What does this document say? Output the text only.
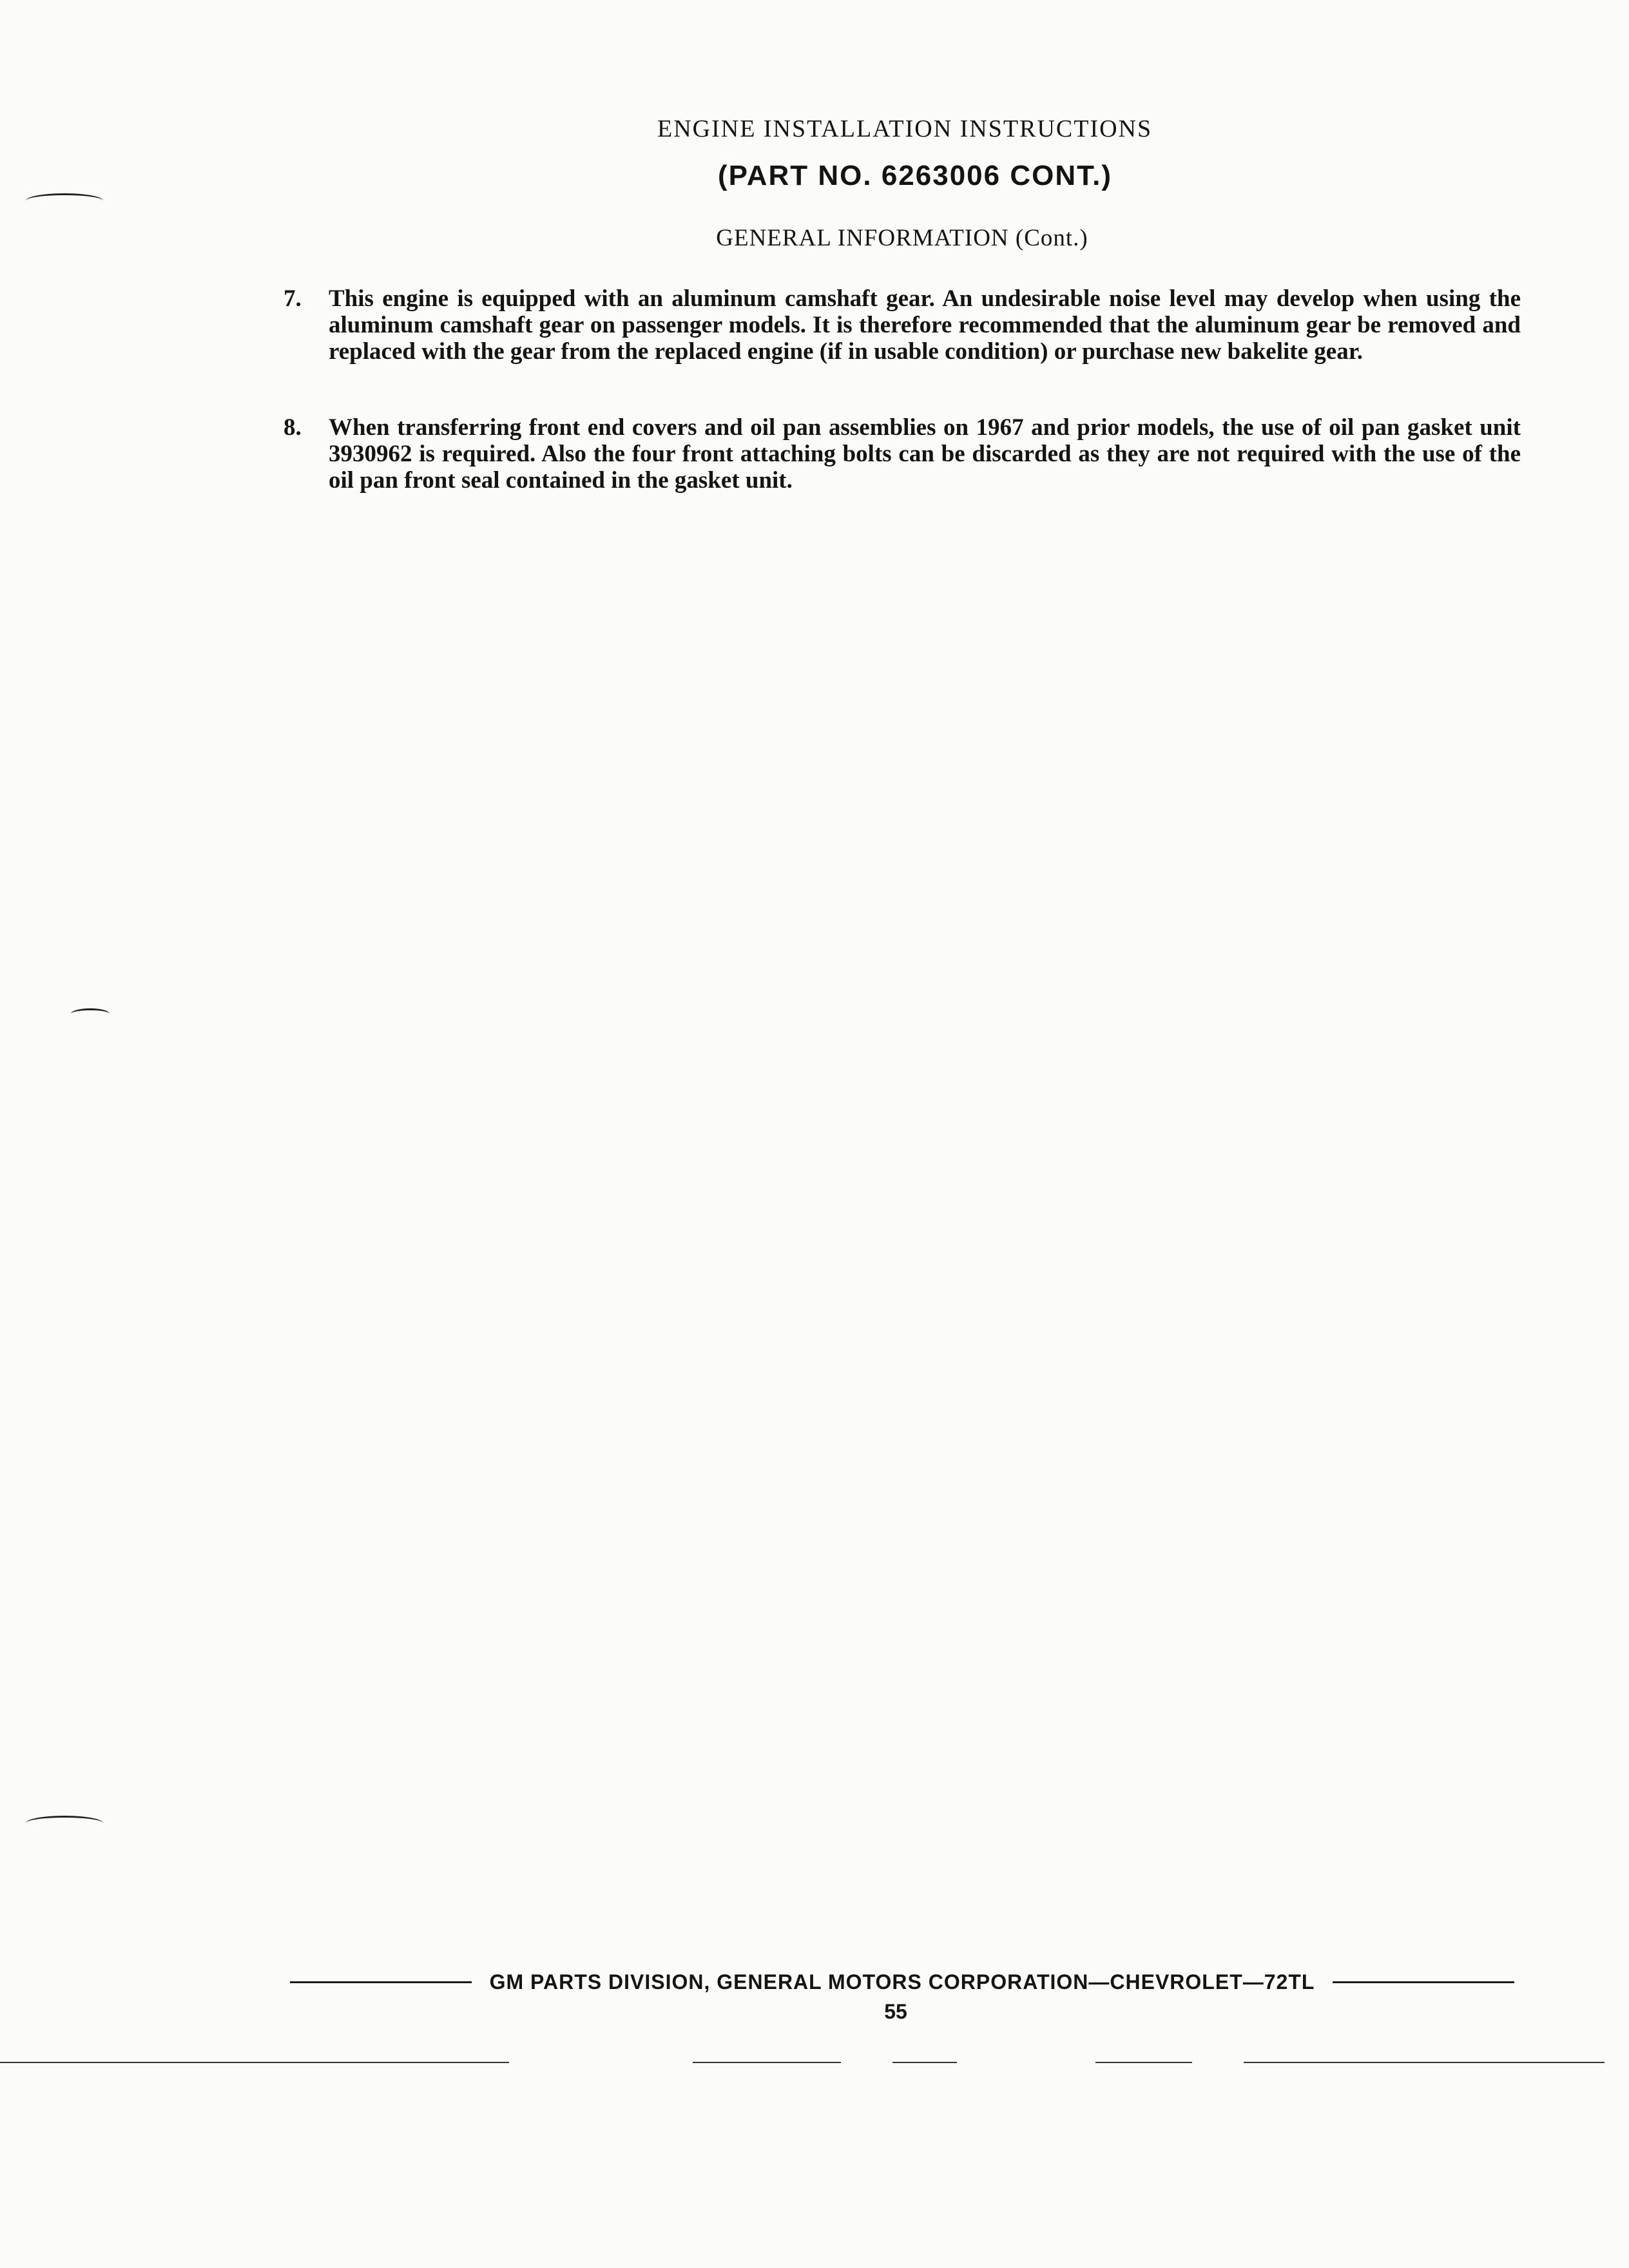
ENGINE INSTALLATION INSTRUCTIONS
(PART NO. 6263006 CONT.)
GENERAL INFORMATION (Cont.)
7. This engine is equipped with an aluminum camshaft gear. An undesirable noise level may develop when using the aluminum camshaft gear on passenger models. It is therefore recommended that the aluminum gear be removed and replaced with the gear from the replaced engine (if in usable condition) or purchase new bakelite gear.
8. When transferring front end covers and oil pan assemblies on 1967 and prior models, the use of oil pan gasket unit 3930962 is required. Also the four front attaching bolts can be discarded as they are not required with the use of the oil pan front seal contained in the gasket unit.
GM PARTS DIVISION, GENERAL MOTORS CORPORATION—CHEVROLET—72TL
55
